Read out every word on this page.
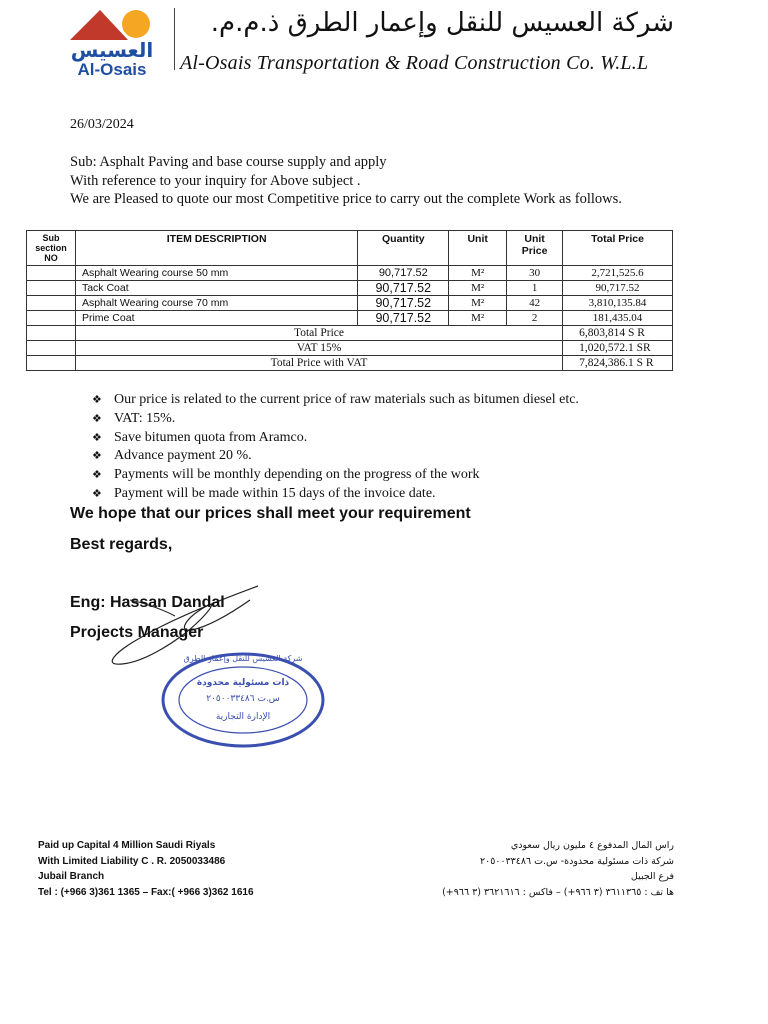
العسيس
Al-Osais
شركة العسيس للنقل وإعمار الطرق ذ.م.م.
Al-Osais Transportation & Road Construction Co. W.L.L
26/03/2024
Sub: Asphalt Paving and base course supply and apply
With reference to your inquiry for Above subject .
We are Pleased to quote our most Competitive price to carry out the complete Work as follows.
Sub section NO	ITEM DESCRIPTION	Quantity	Unit	Unit Price	Total Price
	Asphalt Wearing course 50 mm	90,717.52	M²	30	2,721,525.6
	Tack Coat	90,717.52	M²	1	90,717.52
	Asphalt Wearing course 70 mm	90,717.52	M²	42	3,810,135.84
	Prime Coat	90,717.52	M²	2	181,435.04
	Total Price				6,803,814 S R
	VAT 15%				1,020,572.1 SR
	Total Price with VAT				7,824,386.1 S R
❖ Our price is related to the current price of raw materials such as bitumen diesel etc.
❖ VAT: 15%.
❖ Save bitumen quota from Aramco.
❖ Advance payment 20 %.
❖ Payments will be monthly depending on the progress of the work
❖ Payment will be made within 15 days of the invoice date.
We hope that our prices shall meet your requirement
Best regards,
Eng: Hassan Dandal
Projects Manager
شركة العسيس للنقل وإعمار الطرق
ذات مسئولية محدودة
س.ت ٢٠٥٠٠٣٣٤٨٦
الإدارة التجارية
Paid up Capital 4 Million Saudi Riyals
With Limited Liability C . R. 2050033486
Jubail Branch
Tel : (+966 3)361 1365 – Fax:( +966 3)362 1616
راس المال المدفوع ٤ مليون ريال سعودي
شركة ذات مسئولية محدودة- س.ت ٢٠٥٠٠٣٣٤٨٦
فرع الجبيل
ها تف : ٣٦١١٣٦٥ (٣ ٩٦٦+) – فاكس : ٣٦٢١٦١٦ (٣ ٩٦٦+)
